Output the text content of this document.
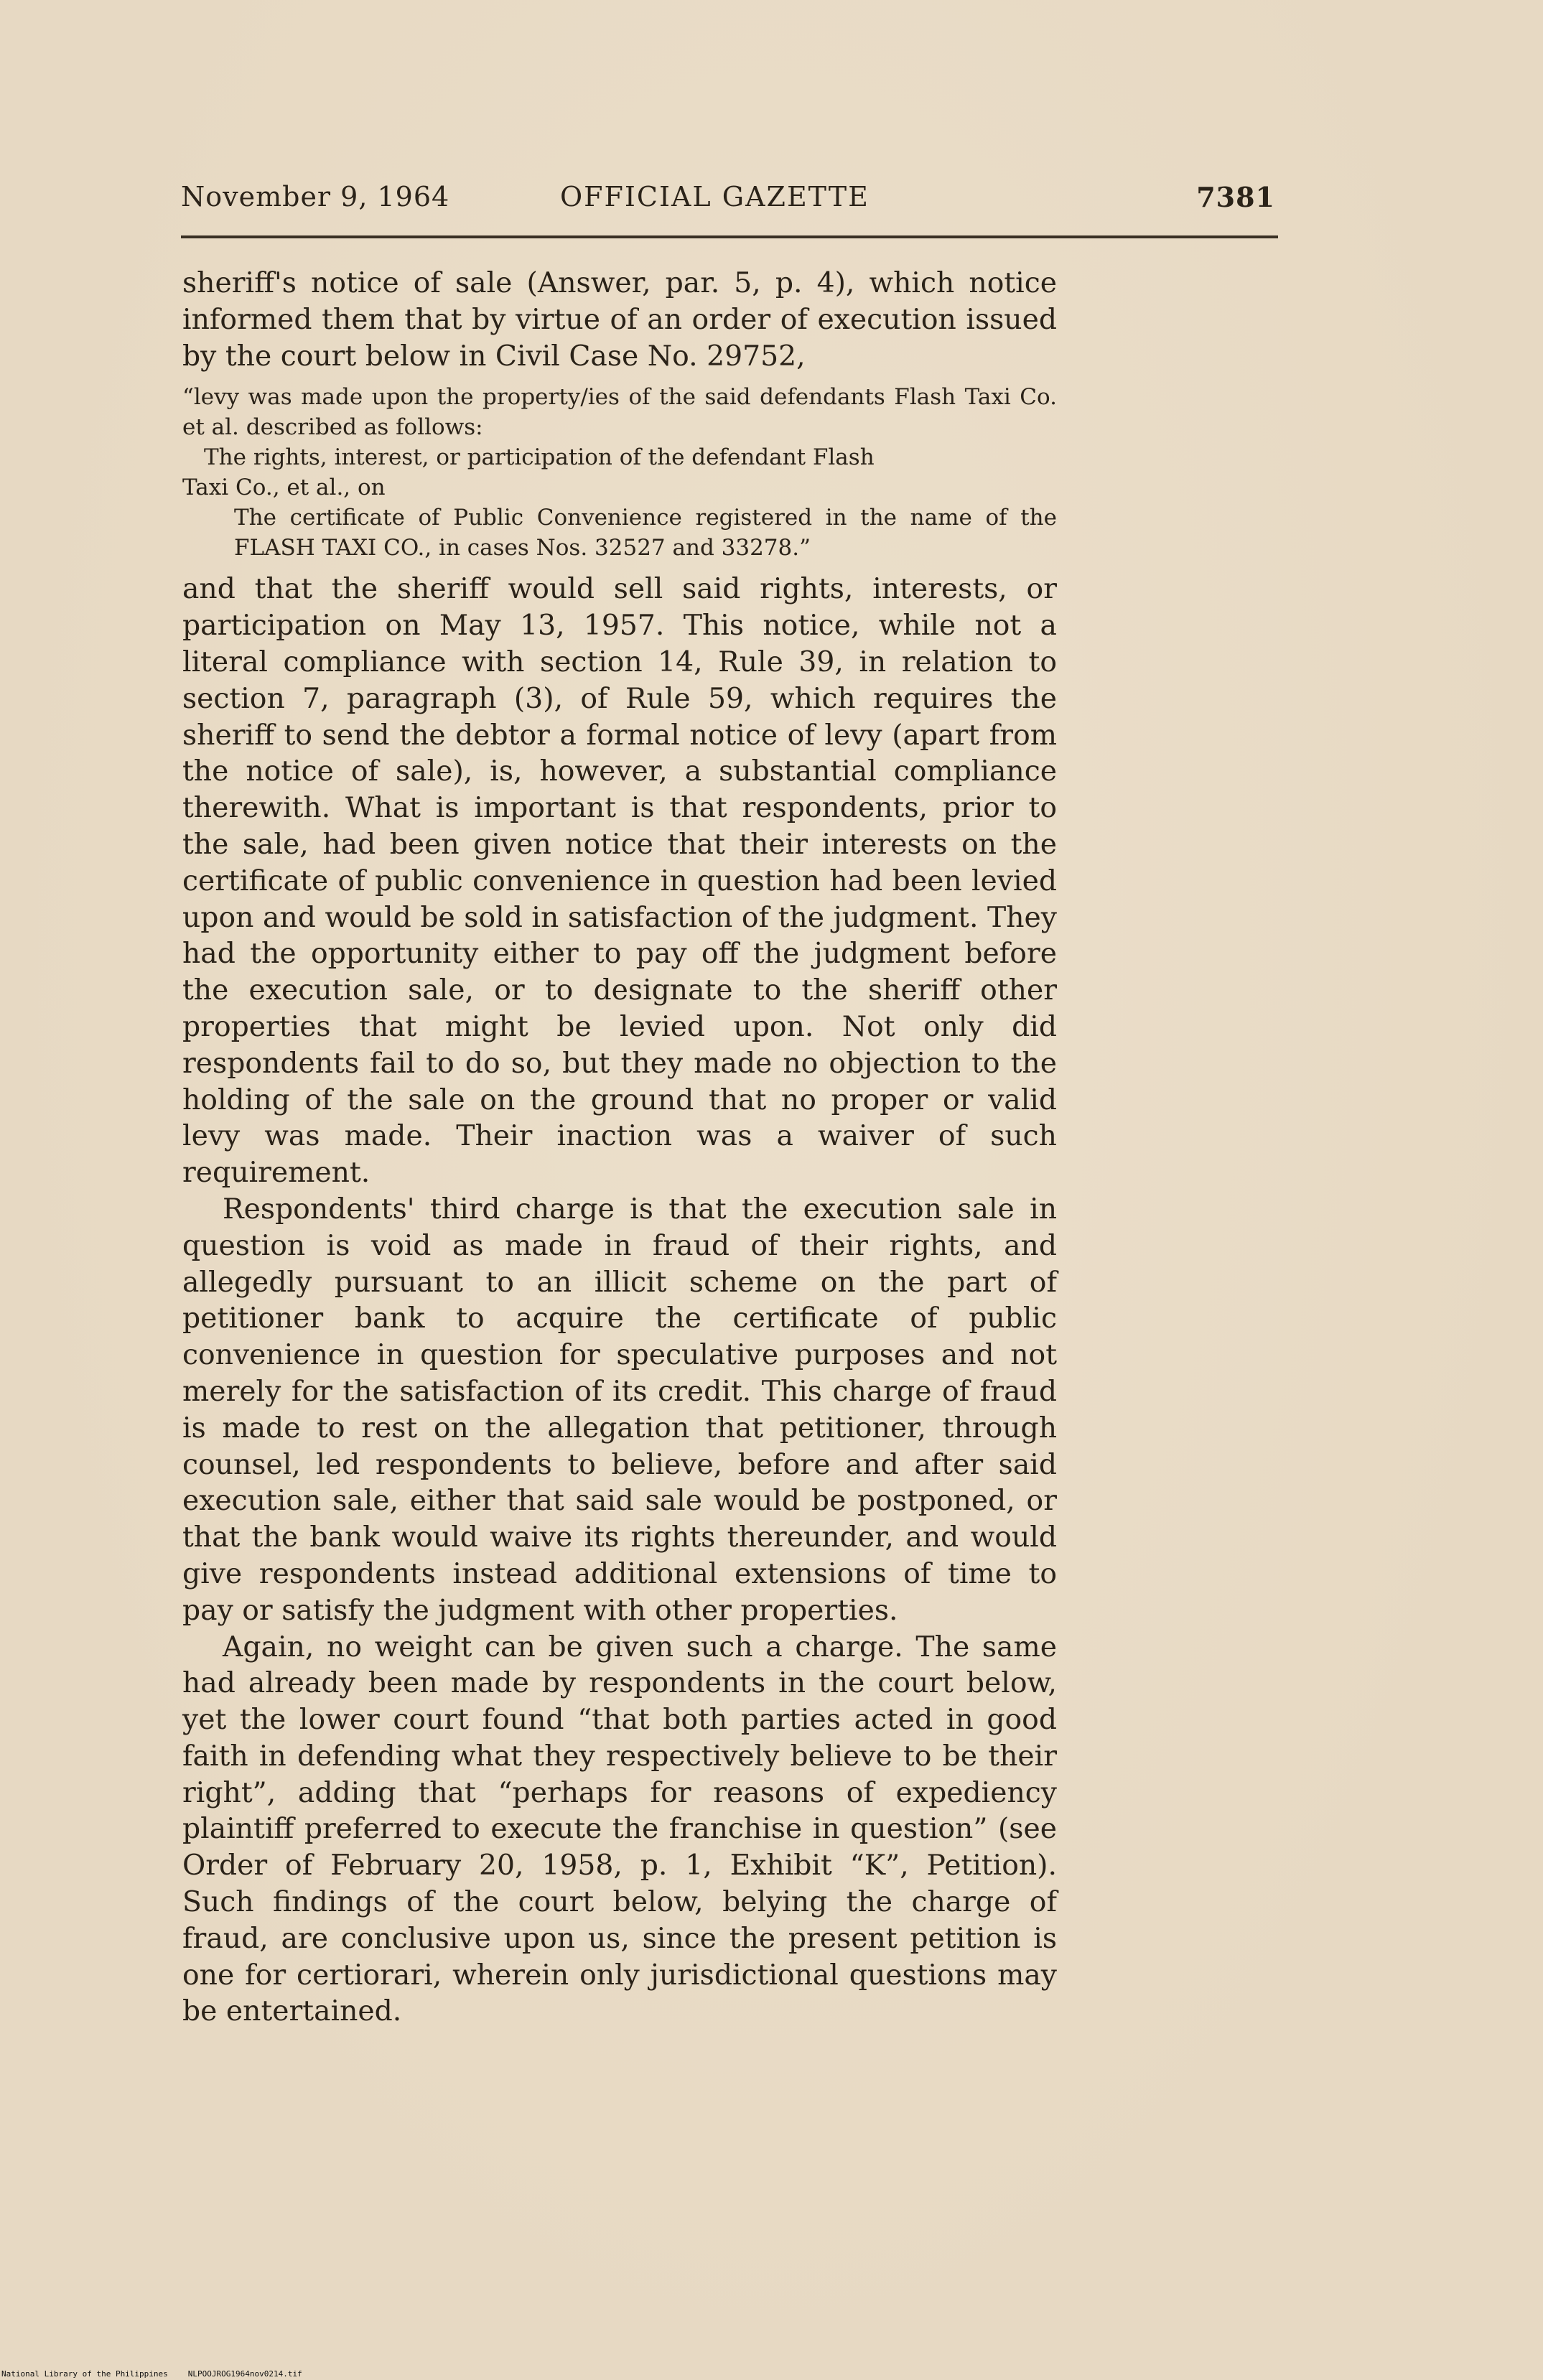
November 9, 1964	OFFICIAL GAZETTE	7381

sheriff's notice of sale (Answer, par. 5, p. 4), which notice informed them that by virtue of an order of execution issued by the court below in Civil Case No. 29752,

“levy was made upon the property/ies of the said defendants Flash Taxi Co. et al. described as follows:

The rights, interest, or participation of the defendant Flash

Taxi Co., et al., on

The certificate of Public Convenience registered in the name of the FLASH TAXI CO., in cases Nos. 32527 and 33278.”

and that the sheriff would sell said rights, interests, or participation on May 13, 1957. This notice, while not a literal compliance with section 14, Rule 39, in relation to section 7, paragraph (3), of Rule 59, which requires the sheriff to send the debtor a formal notice of levy (apart from the notice of sale), is, however, a substantial compliance therewith. What is important is that respondents, prior to the sale, had been given notice that their interests on the certificate of public convenience in question had been levied upon and would be sold in satisfaction of the judgment. They had the opportunity either to pay off the judgment before the execution sale, or to designate to the sheriff other properties that might be levied upon. Not only did respondents fail to do so, but they made no objection to the holding of the sale on the ground that no proper or valid levy was made. Their inaction was a waiver of such requirement.

Respondents' third charge is that the execution sale in question is void as made in fraud of their rights, and allegedly pursuant to an illicit scheme on the part of petitioner bank to acquire the certificate of public convenience in question for speculative purposes and not merely for the satisfaction of its credit. This charge of fraud is made to rest on the allegation that petitioner, through counsel, led respondents to believe, before and after said execution sale, either that said sale would be postponed, or that the bank would waive its rights thereunder, and would give respondents instead additional extensions of time to pay or satisfy the judgment with other properties.

Again, no weight can be given such a charge. The same had already been made by respondents in the court below, yet the lower court found “that both parties acted in good faith in defending what they respectively believe to be their right”, adding that “perhaps for reasons of expediency plaintiff preferred to execute the franchise in question” (see Order of February 20, 1958, p. 1, Exhibit “K”, Petition). Such findings of the court below, belying the charge of fraud, are conclusive upon us, since the present petition is one for certiorari, wherein only jurisdictional questions may be entertained.

National Library of the Philippines	NLPOOJROG1964nov0214.tif
